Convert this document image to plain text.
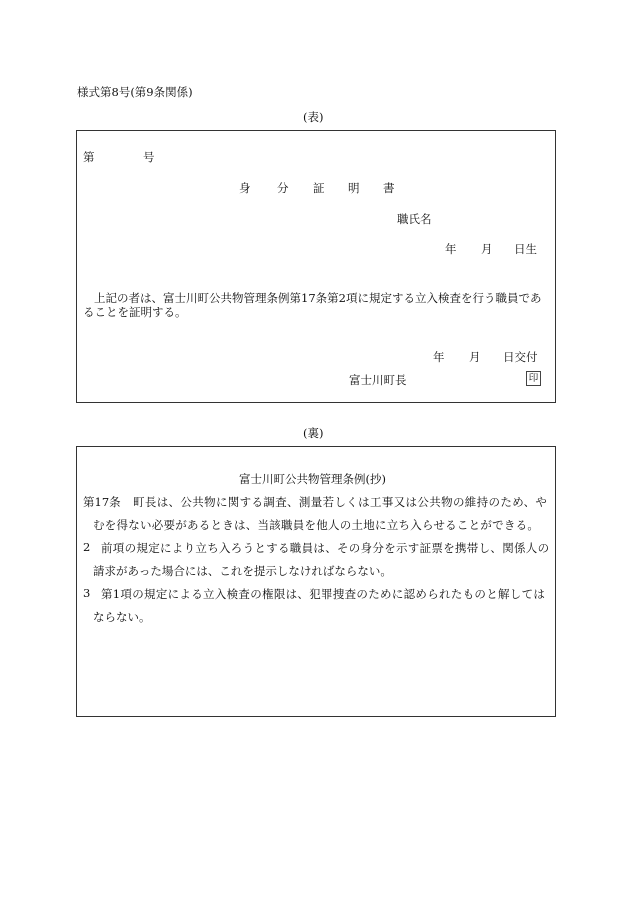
様式第8号(第9条関係)
(表)
第	号
身 分 証 明 書
職氏名
年 月 日生
上記の者は、富士川町公共物管理条例第17条第2項に規定する立入検査を行う職員であ
ることを証明する。
年 月 日交付
富士川町長	印
(裏)
富士川町公共物管理条例(抄)
第17条 町長は、公共物に関する調査、測量若しくは工事又は公共物の維持のため、や
むを得ない必要があるときは、当該職員を他人の土地に立ち入らせることができる。
2 前項の規定により立ち入ろうとする職員は、その身分を示す証票を携帯し、関係人の
請求があった場合には、これを提示しなければならない。
3 第1項の規定による立入検査の権限は、犯罪捜査のために認められたものと解しては
ならない。
